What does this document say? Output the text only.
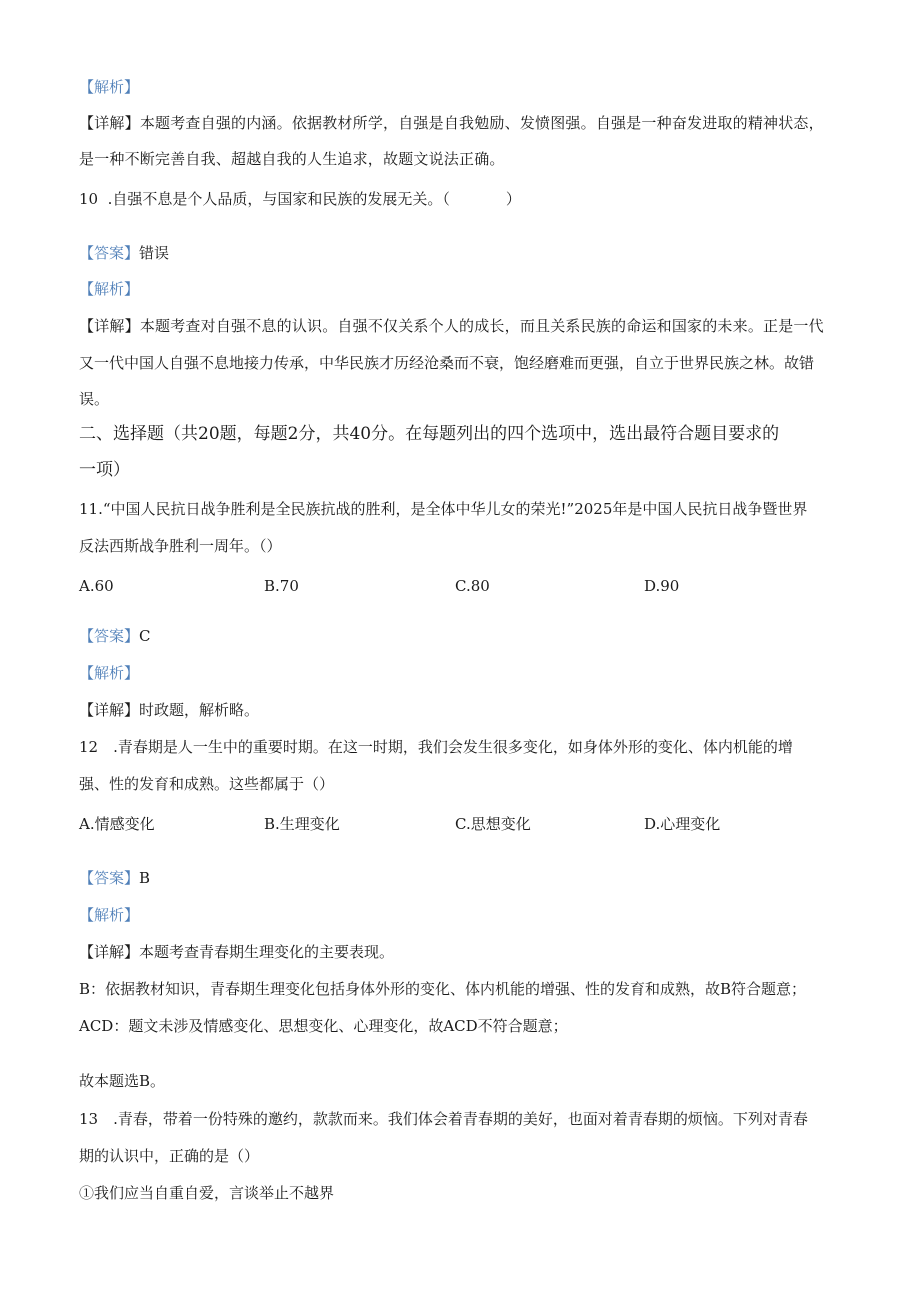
【解析】
【详解】本题考查自强的内涵。依据教材所学，自强是自我勉励、发愤图强。自强是一种奋发进取的精神状态，
是一种不断完善自我、超越自我的人生追求，故题文说法正确。
10 .自强不息是个人品质，与国家和民族的发展无关。（	）
【答案】错误
【解析】
【详解】本题考查对自强不息的认识。自强不仅关系个人的成长，而且关系民族的命运和国家的未来。正是一代
又一代中国人自强不息地接力传承，中华民族才历经沧桑而不衰，饱经磨难而更强，自立于世界民族之林。故错
误。
二、选择题（共20题，每题2分，共40分。在每题列出的四个选项中，选出最符合题目要求的
一项）
11.“中国人民抗日战争胜利是全民族抗战的胜利，是全体中华儿女的荣光!”2025年是中国人民抗日战争暨世界
反法西斯战争胜利一周年。（）
A.60	B.70	C.80	D.90
【答案】C
【解析】
【详解】时政题，解析略。
12　.青春期是人一生中的重要时期。在这一时期，我们会发生很多变化，如身体外形的变化、体内机能的增
强、性的发育和成熟。这些都属于（）
A.情感变化	B.生理变化	C.思想变化	D.心理变化
【答案】B
【解析】
【详解】本题考查青春期生理变化的主要表现。
B：依据教材知识，青春期生理变化包括身体外形的变化、体内机能的增强、性的发育和成熟，故B符合题意；
ACD：题文未涉及情感变化、思想变化、心理变化，故ACD不符合题意；
故本题选B。
13　.青春，带着一份特殊的邀约，款款而来。我们体会着青春期的美好，也面对着青春期的烦恼。下列对青春
期的认识中，正确的是（）
①我们应当自重自爱，言谈举止不越界
